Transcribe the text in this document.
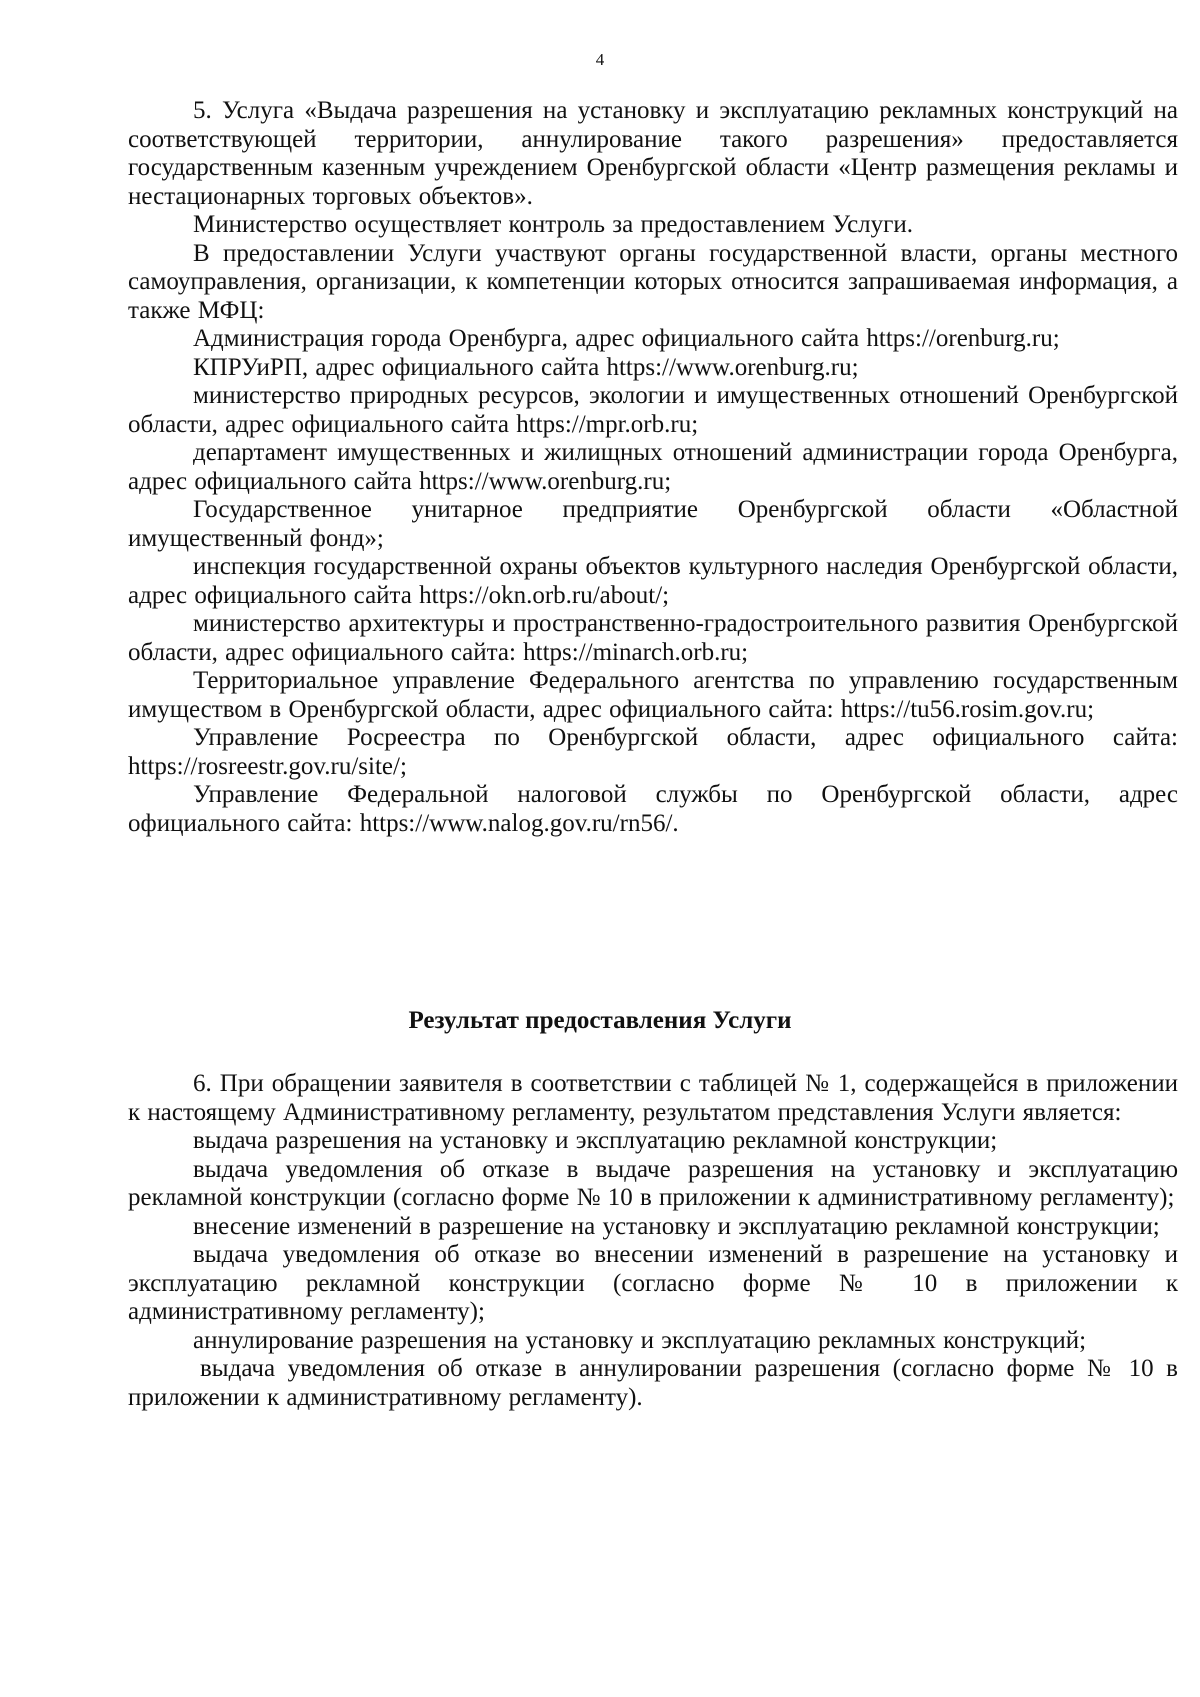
4

5. Услуга «Выдача разрешения на установку и эксплуатацию рекламных конструкций на соответствующей территории, аннулирование такого разрешения» предоставляется государственным казенным учреждением Оренбургской области «Центр размещения рекламы и нестационарных торговых объектов».

Министерство осуществляет контроль за предоставлением Услуги.

В предоставлении Услуги участвуют органы государственной власти, органы местного самоуправления, организации, к компетенции которых относится запрашиваемая информация, а также МФЦ:

Администрация города Оренбурга, адрес официального сайта https://orenburg.ru;

КПРУиРП, адрес официального сайта https://www.orenburg.ru;

министерство природных ресурсов, экологии и имущественных отношений Оренбургской области, адрес официального сайта https://mpr.orb.ru;

департамент имущественных и жилищных отношений администрации города Оренбурга, адрес официального сайта https://www.orenburg.ru;

Государственное унитарное предприятие Оренбургской области «Областной имущественный фонд»;

инспекция государственной охраны объектов культурного наследия Оренбургской области, адрес официального сайта https://okn.orb.ru/about/;

министерство архитектуры и пространственно-градостроительного развития Оренбургской области, адрес официального сайта: https://minarch.orb.ru;

Территориальное управление Федерального агентства по управлению государственным имуществом в Оренбургской области, адрес официального сайта: https://tu56.rosim.gov.ru;

Управление Росреестра по Оренбургской области, адрес официального сайта: https://rosreestr.gov.ru/site/;

Управление Федеральной налоговой службы по Оренбургской области, адрес официального сайта: https://www.nalog.gov.ru/rn56/.

Результат предоставления Услуги

6. При обращении заявителя в соответствии с таблицей № 1, содержащейся в приложении к настоящему Административному регламенту, результатом представления Услуги является:

выдача разрешения на установку и эксплуатацию рекламной конструкции;

выдача уведомления об отказе в выдаче разрешения на установку и эксплуатацию рекламной конструкции (согласно форме № 10 в приложении к административному регламенту);

внесение изменений в разрешение на установку и эксплуатацию рекламной конструкции;

выдача уведомления об отказе во внесении изменений в разрешение на установку и эксплуатацию рекламной конструкции (согласно форме № 10 в приложении к административному регламенту);

аннулирование разрешения на установку и эксплуатацию рекламных конструкций;

выдача уведомления об отказе в аннулировании разрешения (согласно форме № 10 в приложении к административному регламенту).
